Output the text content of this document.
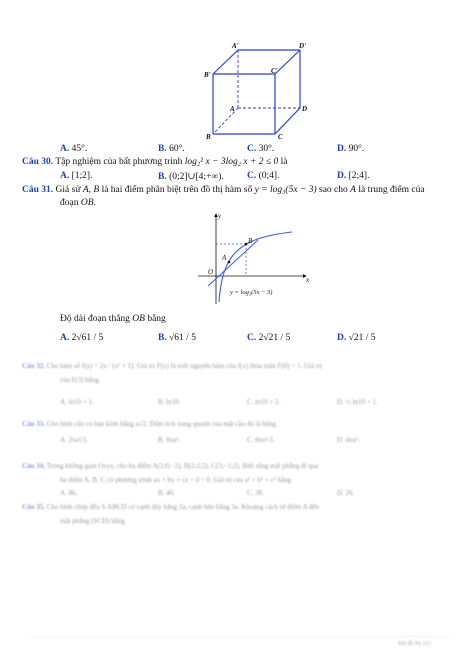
A'	D'
B'	C'
A	D
B	C
A. 45°.	B. 60°.	C. 30°.	D. 90°.
Câu 30. Tập nghiệm của bất phương trình log₂² x − 3log₂ x + 2 ≤ 0 là
A. [1;2].	B. (0;2]∪[4;+∞). C. (0;4].	D. [2;4].
Câu 31. Giả sử A, B là hai điểm phân biệt trên đồ thị hàm số y = log₃(5x − 3) sao cho A là trung điểm của
đoạn OB.
y
x
O
A
B
y = log₃(5x − 3)
Độ dài đoạn thẳng OB bằng
A. 2√61 / 5	B. √61 / 5	C. 2√21 / 5	D. √21 / 5
Câu 32. Cho hàm số f(x) = 2x / (x² + 1). Giá trị F(x) là một nguyên hàm của f(x) thỏa mãn F(0) = 1. Giá trị
của F(3) bằng
A. ln10 + 1.	B. ln10.	C. ln10 + 2.	D. ½ ln10 + 1.
Câu 33. Cho hình cầu có bán kính bằng a√2. Diện tích xung quanh của mặt cầu đó là bằng
A. 2πa²/3.	B. 8πa².	C. 8πa²/3.	D. 4πa².
Câu 34. Trong không gian Oxyz, cho ba điểm A(2;0;−2), B(2;1;2), C(3;−1;2). Biết rằng mặt phẳng đi qua
ba điểm A, B, C có phương trình ax + by + cz + d = 0. Giá trị của a² + b² + c² bằng
A. 86.	B. 40.	C. 38.	D. 26.
Câu 35. Cho hình chóp đều S.ABCD có cạnh đáy bằng 2a, cạnh bên bằng 3a. Khoảng cách từ điểm A đến
mặt phẳng (SCD) bằng
Mã đề thi 112
